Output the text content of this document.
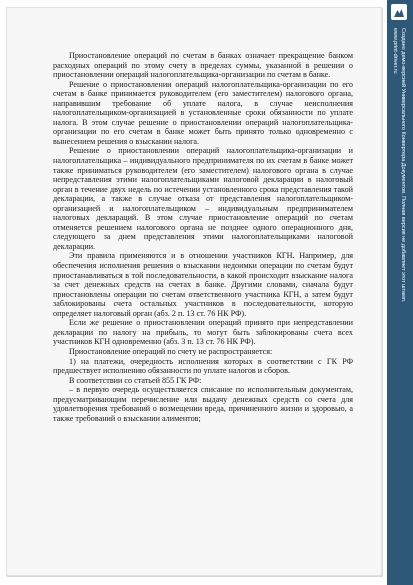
Приостановление операций по счетам в банках означает прекращение банком расходных операций по этому счету в пределах суммы, указанной в решении о приостановлении операций налогоплательщика-организации по счетам в банке.

Решение о приостановлении операций налогоплательщика-организации по его счетам в банке принимается руководителем (его заместителем) налогового органа, направившим требование об уплате налога, в случае неисполнения налогоплательщиком-организацией в установленные сроки обязанности по уплате налога. В этом случае решение о приостановлении операций налогоплательщика-организации по его счетам в банке может быть принято только одновременно с вынесением решения о взыскании налога.

Решение о приостановлении операций налогоплательщика-организации и налогоплательщика – индивидуального предпринимателя по их счетам в банке может также приниматься руководителем (его заместителем) налогового органа в случае непредставления этими налогоплательщиками налоговой декларации в налоговый орган в течение двух недель по истечении установленного срока представления такой декларации, а также в случае отказа от представления налогоплательщиком-организацией и налогоплательщиком – индивидуальным предпринимателем налоговых деклараций. В этом случае приостановление операций по счетам отменяется решением налогового органа не позднее одного операционного дня, следующего за днем представления этими налогоплательщиками налоговой декларации.

Эти правила применяются и в отношении участников КГН. Например, для обеспечения исполнения решения о взыскании недоимки операции по счетам будут приостанавливаться в той последовательности, в какой происходит взыскание налога за счет денежных средств на счетах в банке. Другими словами, сначала будут приостановлены операции по счетам ответственного участника КГН, а затем будут заблокированы счета остальных участников в последовательности, которую определяет налоговый орган (абз. 2 п. 13 ст. 76 НК РФ).

Если же решение о приостановлении операций принято при непредставлении декларации по налогу на прибыль, то могут быть заблокированы счета всех участников КГН одновременно (абз. 3 п. 13 ст. 76 НК РФ).

Приостановление операций по счету не распространяется:

1) на платежи, очередность исполнения которых в соответствии с ГК РФ предшествует исполнению обязанности по уплате налогов и сборов.

В соответствии со статьей 855 ГК РФ:

– в первую очередь осуществляется списание по исполнительным документам, предусматривающим перечисление или выдачу денежных средств со счета для удовлетворения требований о возмещении вреда, причиненного жизни и здоровью, а также требований о взыскании алиментов;

Создано демо-версией Универсального Конвертера Документов. Полная версия не добавляет этот штамп.
www.print-driver.ru
